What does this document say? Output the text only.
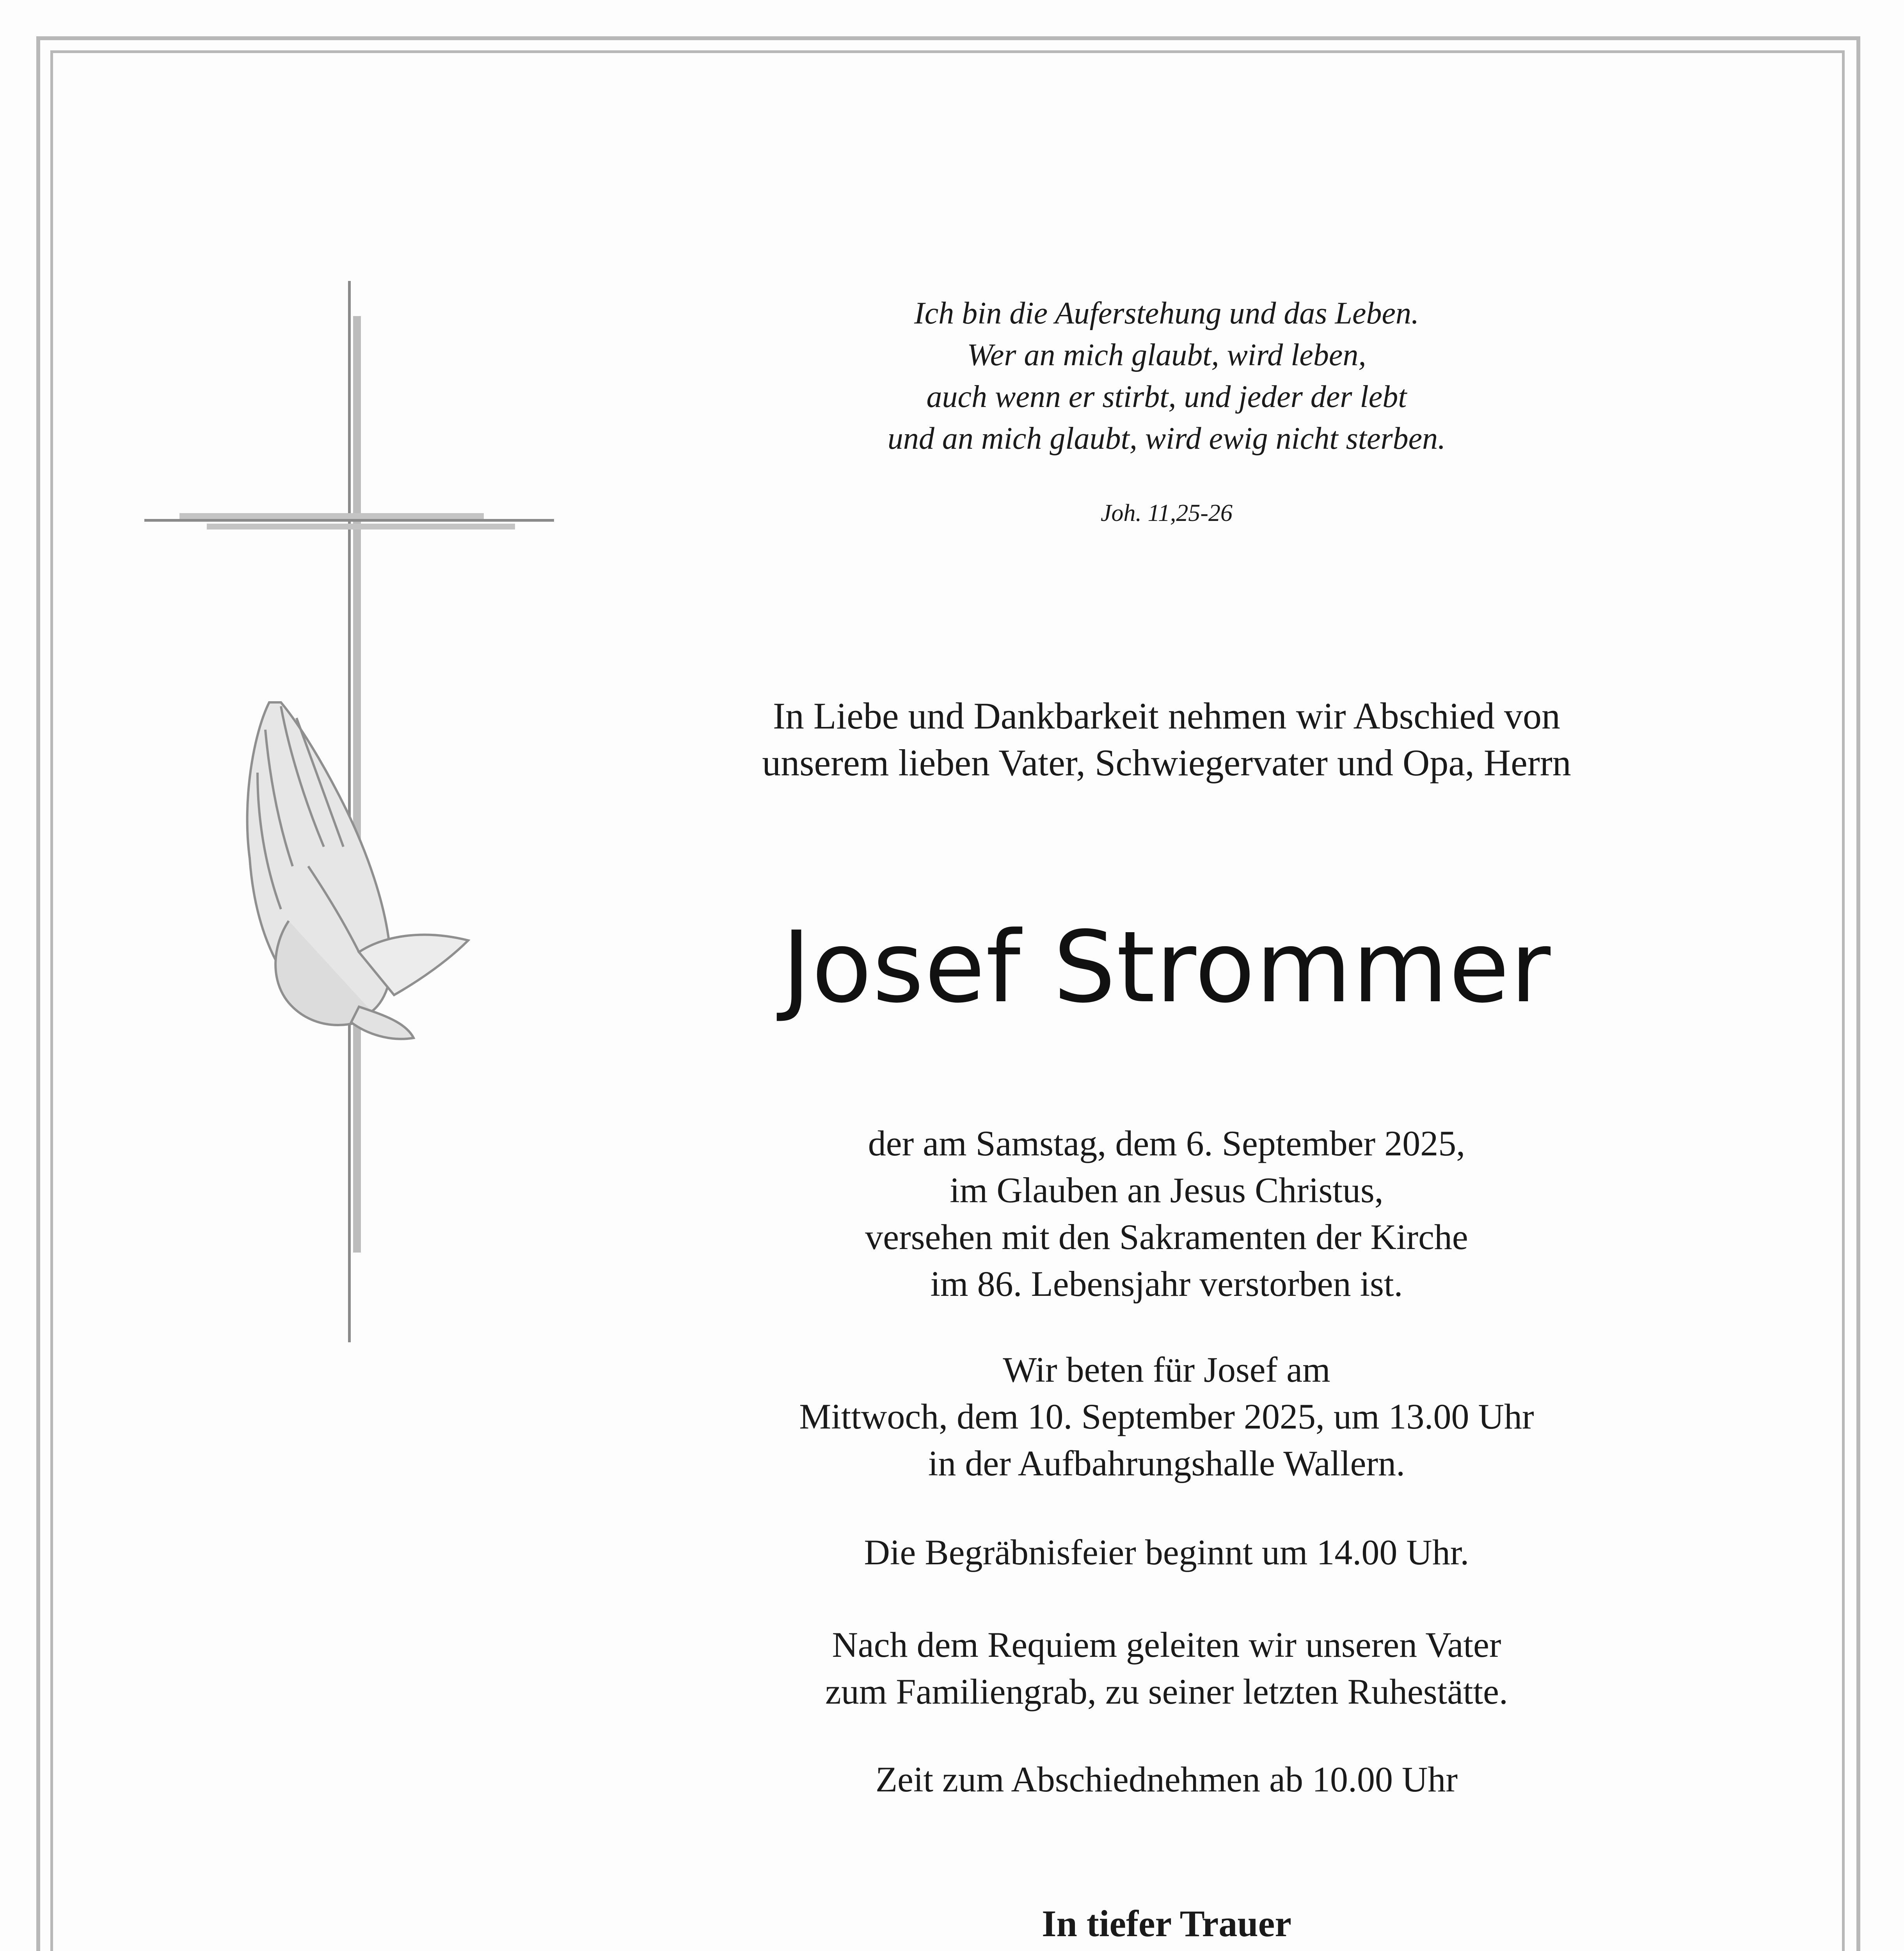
Ich bin die Auferstehung und das Leben.
Wer an mich glaubt, wird leben,
auch wenn er stirbt, und jeder der lebt
und an mich glaubt, wird ewig nicht sterben.
Joh. 11,25-26
In Liebe und Dankbarkeit nehmen wir Abschied von
unserem lieben Vater, Schwiegervater und Opa, Herrn
Josef Strommer
der am Samstag, dem 6. September 2025,
im Glauben an Jesus Christus,
versehen mit den Sakramenten der Kirche
im 86. Lebensjahr verstorben ist.
Wir beten für Josef am
Mittwoch, dem 10. September 2025, um 13.00 Uhr
in der Aufbahrungshalle Wallern.
Die Begräbnisfeier beginnt um 14.00 Uhr.
Nach dem Requiem geleiten wir unseren Vater
zum Familiengrab, zu seiner letzten Ruhestätte.
Zeit zum Abschiednehmen ab 10.00 Uhr
In tiefer Trauer
